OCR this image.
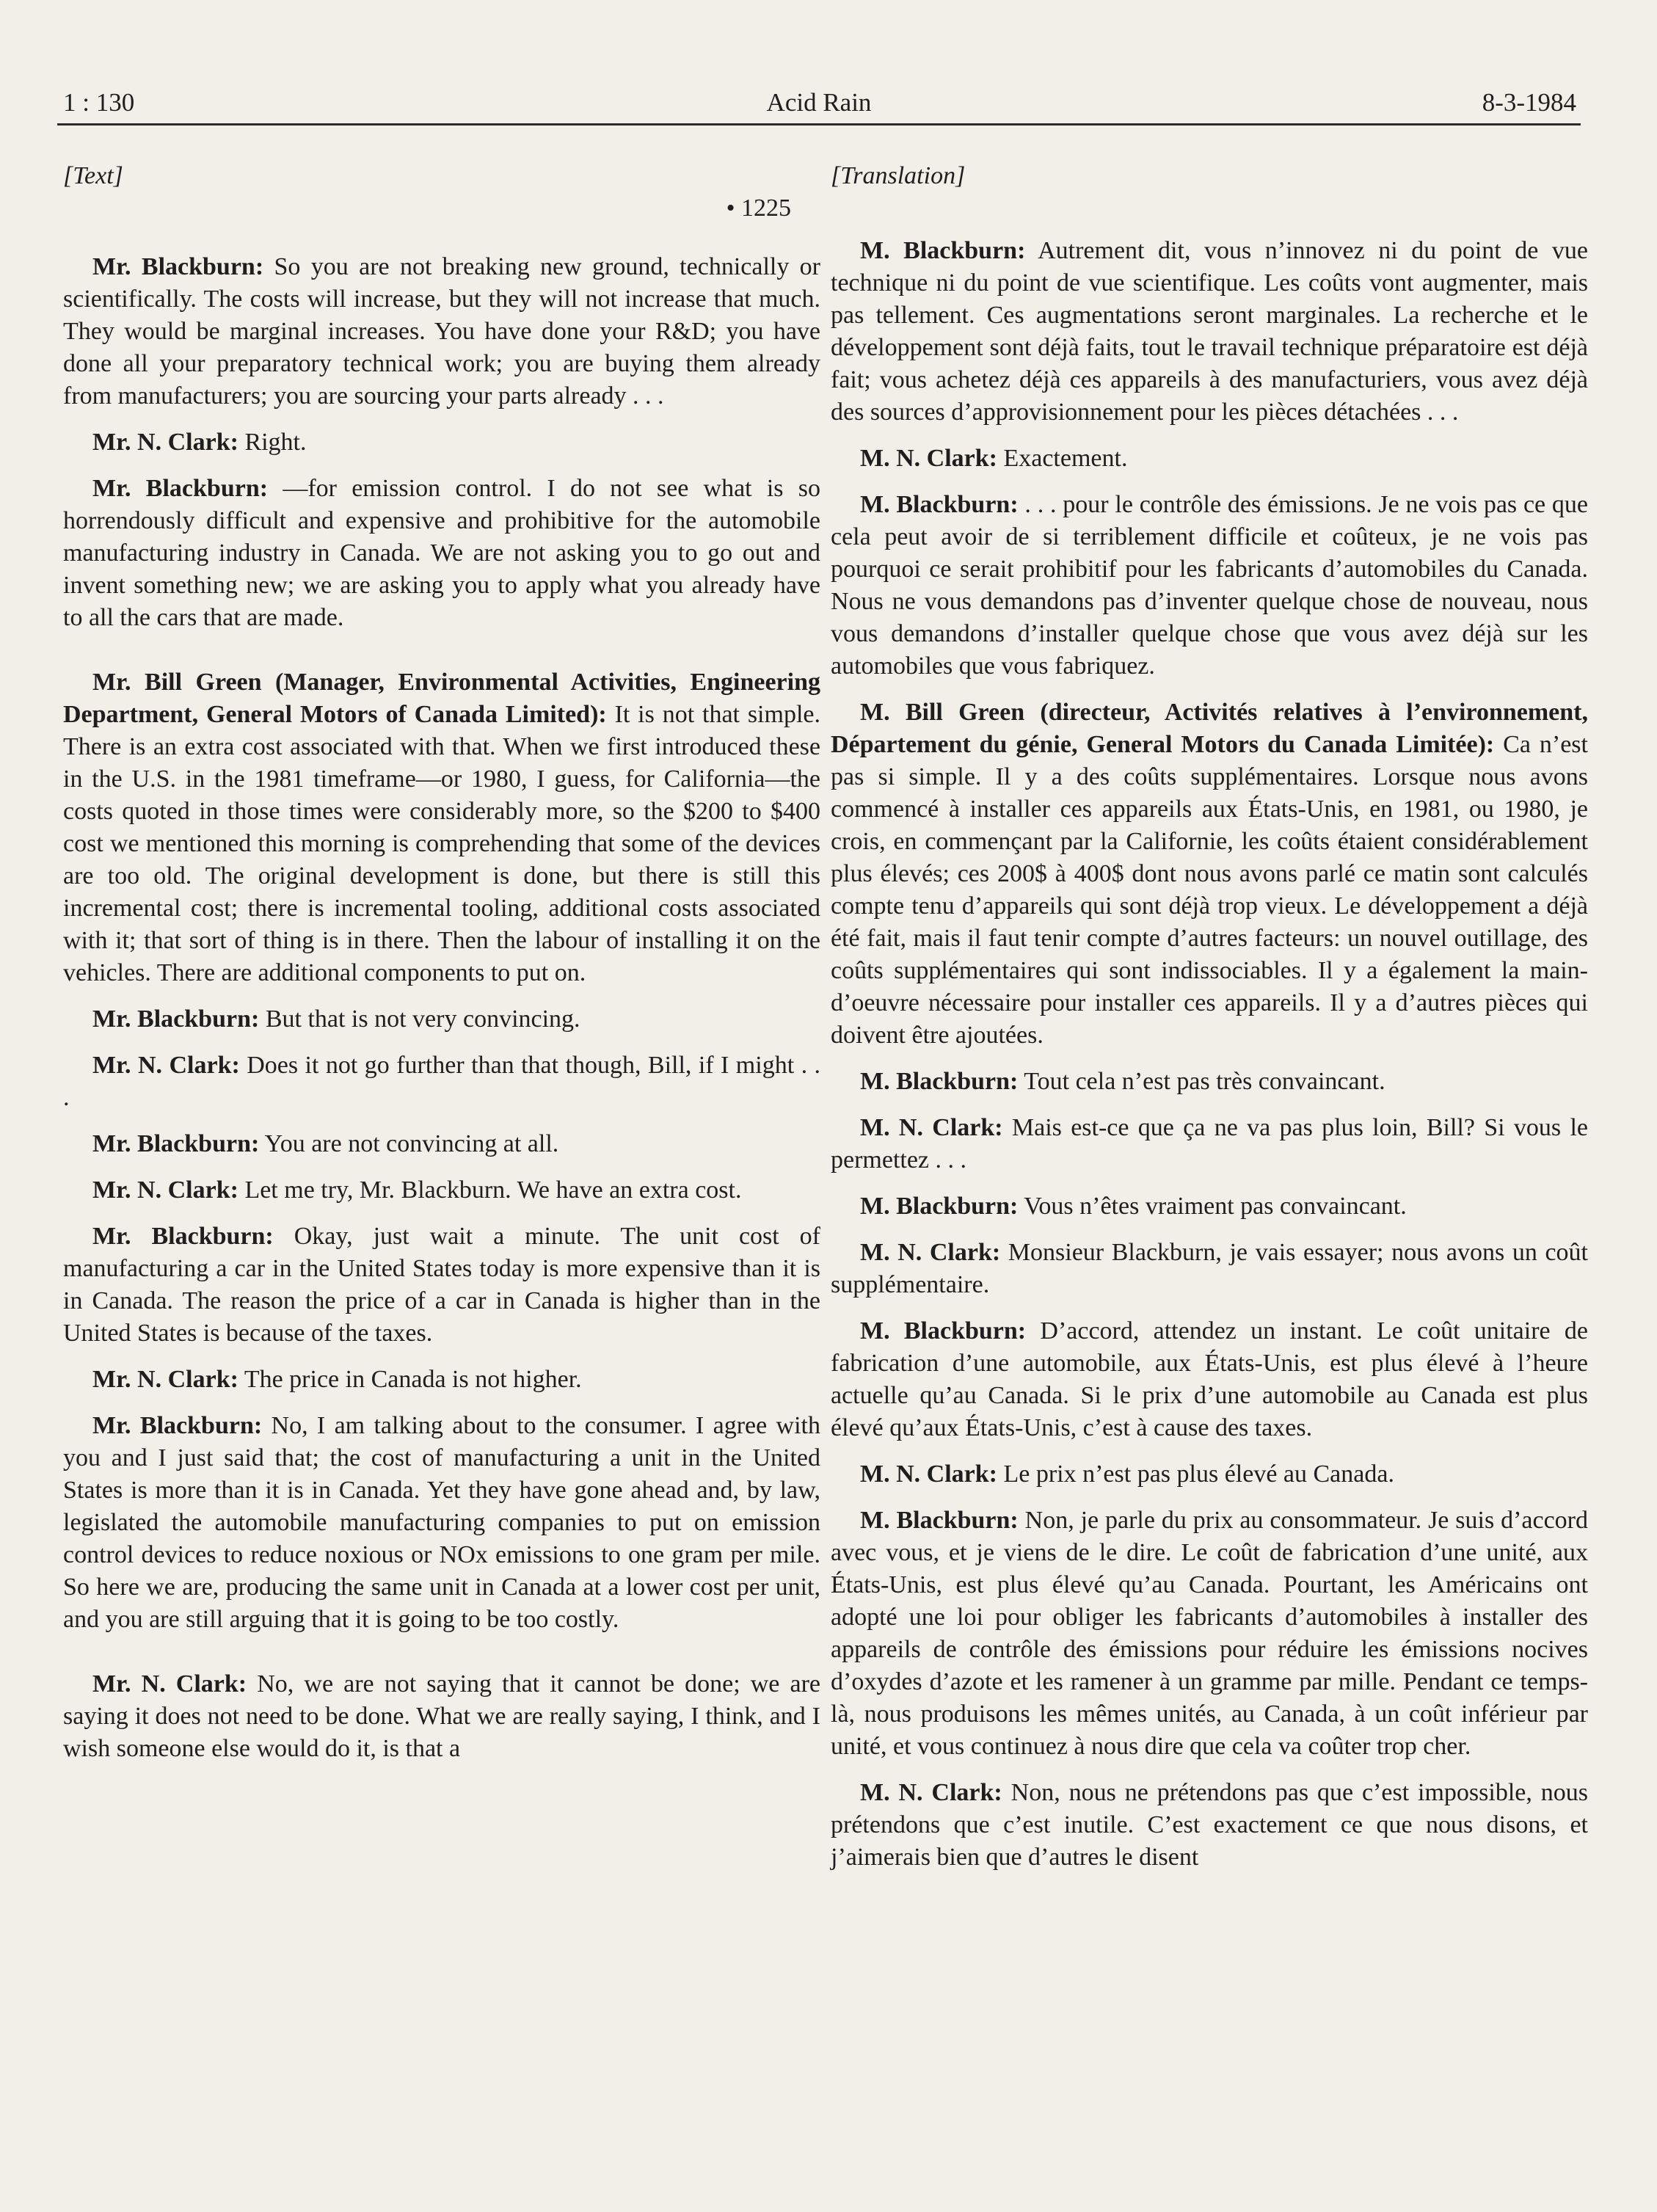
1 : 130	Acid Rain	8-3-1984
[Text]
• 1225

Mr. Blackburn: So you are not breaking new ground, technically or scientifically. The costs will increase, but they will not increase that much. They would be marginal increases. You have done your R&D; you have done all your preparatory technical work; you are buying them already from manufacturers; you are sourcing your parts already . . .

Mr. N. Clark: Right.

Mr. Blackburn: —for emission control. I do not see what is so horrendously difficult and expensive and prohibitive for the automobile manufacturing industry in Canada. We are not asking you to go out and invent something new; we are asking you to apply what you already have to all the cars that are made.

Mr. Bill Green (Manager, Environmental Activities, Engineering Department, General Motors of Canada Limited): It is not that simple. There is an extra cost associated with that. When we first introduced these in the U.S. in the 1981 timeframe—or 1980, I guess, for California—the costs quoted in those times were considerably more, so the $200 to $400 cost we mentioned this morning is comprehending that some of the devices are too old. The original development is done, but there is still this incremental cost; there is incremental tooling, additional costs associated with it; that sort of thing is in there. Then the labour of installing it on the vehicles. There are additional components to put on.

Mr. Blackburn: But that is not very convincing.

Mr. N. Clark: Does it not go further than that though, Bill, if I might . . .

Mr. Blackburn: You are not convincing at all.

Mr. N. Clark: Let me try, Mr. Blackburn. We have an extra cost.

Mr. Blackburn: Okay, just wait a minute. The unit cost of manufacturing a car in the United States today is more expensive than it is in Canada. The reason the price of a car in Canada is higher than in the United States is because of the taxes.

Mr. N. Clark: The price in Canada is not higher.

Mr. Blackburn: No, I am talking about to the consumer. I agree with you and I just said that; the cost of manufacturing a unit in the United States is more than it is in Canada. Yet they have gone ahead and, by law, legislated the automobile manufacturing companies to put on emission control devices to reduce noxious or NOx emissions to one gram per mile. So here we are, producing the same unit in Canada at a lower cost per unit, and you are still arguing that it is going to be too costly.

Mr. N. Clark: No, we are not saying that it cannot be done; we are saying it does not need to be done. What we are really saying, I think, and I wish someone else would do it, is that a

[Translation]

M. Blackburn: Autrement dit, vous n’innovez ni du point de vue technique ni du point de vue scientifique. Les coûts vont augmenter, mais pas tellement. Ces augmentations seront marginales. La recherche et le développement sont déjà faits, tout le travail technique préparatoire est déjà fait; vous achetez déjà ces appareils à des manufacturiers, vous avez déjà des sources d’approvisionnement pour les pièces détachées . . .

M. N. Clark: Exactement.

M. Blackburn: . . . pour le contrôle des émissions. Je ne vois pas ce que cela peut avoir de si terriblement difficile et coûteux, je ne vois pas pourquoi ce serait prohibitif pour les fabricants d’automobiles du Canada. Nous ne vous demandons pas d’inventer quelque chose de nouveau, nous vous demandons d’installer quelque chose que vous avez déjà sur les automobiles que vous fabriquez.

M. Bill Green (directeur, Activités relatives à l’environnement, Département du génie, General Motors du Canada Limitée): Ca n’est pas si simple. Il y a des coûts supplémentaires. Lorsque nous avons commencé à installer ces appareils aux États-Unis, en 1981, ou 1980, je crois, en commençant par la Californie, les coûts étaient considérablement plus élevés; ces 200$ à 400$ dont nous avons parlé ce matin sont calculés compte tenu d’appareils qui sont déjà trop vieux. Le développement a déjà été fait, mais il faut tenir compte d’autres facteurs: un nouvel outillage, des coûts supplémentaires qui sont indissociables. Il y a également la main-d’oeuvre nécessaire pour installer ces appareils. Il y a d’autres pièces qui doivent être ajoutées.

M. Blackburn: Tout cela n’est pas très convaincant.

M. N. Clark: Mais est-ce que ça ne va pas plus loin, Bill? Si vous le permettez . . .

M. Blackburn: Vous n’êtes vraiment pas convaincant.

M. N. Clark: Monsieur Blackburn, je vais essayer; nous avons un coût supplémentaire.

M. Blackburn: D’accord, attendez un instant. Le coût unitaire de fabrication d’une automobile, aux États-Unis, est plus élevé à l’heure actuelle qu’au Canada. Si le prix d’une automobile au Canada est plus élevé qu’aux États-Unis, c’est à cause des taxes.

M. N. Clark: Le prix n’est pas plus élevé au Canada.

M. Blackburn: Non, je parle du prix au consommateur. Je suis d’accord avec vous, et je viens de le dire. Le coût de fabrication d’une unité, aux États-Unis, est plus élevé qu’au Canada. Pourtant, les Américains ont adopté une loi pour obliger les fabricants d’automobiles à installer des appareils de contrôle des émissions pour réduire les émissions nocives d’oxydes d’azote et les ramener à un gramme par mille. Pendant ce temps-là, nous produisons les mêmes unités, au Canada, à un coût inférieur par unité, et vous continuez à nous dire que cela va coûter trop cher.

M. N. Clark: Non, nous ne prétendons pas que c’est impossible, nous prétendons que c’est inutile. C’est exactement ce que nous disons, et j’aimerais bien que d’autres le disent
